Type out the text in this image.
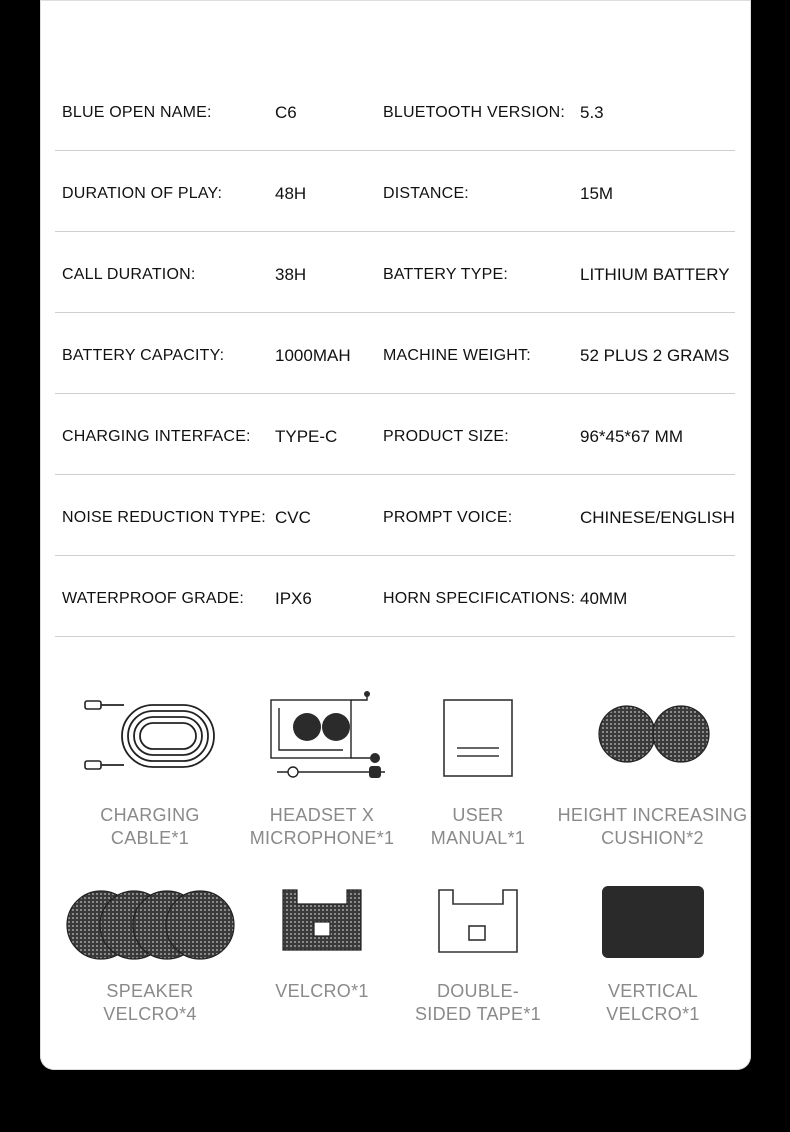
BLUE OPEN NAME:	C6	BLUETOOTH VERSION: 5.3
DURATION OF PLAY:	48H	DISTANCE:	15M
CALL DURATION:	38H	BATTERY TYPE:	LITHIUM BATTERY
BATTERY CAPACITY:	1000MAH MACHINE WEIGHT:	52 PLUS 2 GRAMS
CHARGING INTERFACE: TYPE-C	PRODUCT SIZE:	96*45*67 MM
NOISE REDUCTION TYPE: CVC	PROMPT VOICE:	CHINESE/ENGLISH
WATERPROOF GRADE: IPX6	HORN SPECIFICATIONS: 40MM
CHARGING
CABLE*1
HEADSET X
MICROPHONE*1
USER
MANUAL*1
HEIGHT INCREASING
CUSHION*2
SPEAKER
VELCRO*4
VELCRO*1	DOUBLE-
SIDED TAPE*1
VERTICAL
VELCRO*1
